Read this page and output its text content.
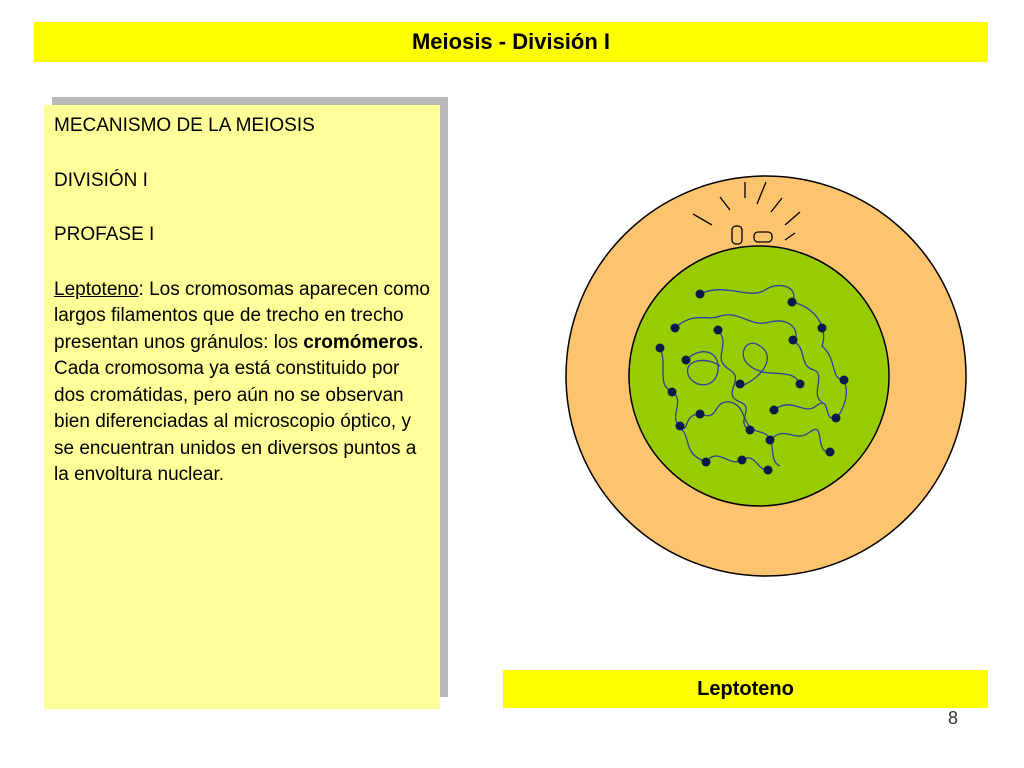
Meiosis - División I

MECANISMO DE LA MEIOSIS

DIVISIÓN I

PROFASE I

Leptoteno: Los cromosomas aparecen como largos filamentos que de trecho en trecho presentan unos gránulos: los cromómeros. Cada cromosoma ya está constituido por dos cromátidas, pero aún no se observan bien diferenciadas al microscopio óptico, y se encuentran unidos en diversos puntos a la envoltura nuclear.

Leptoteno
8
